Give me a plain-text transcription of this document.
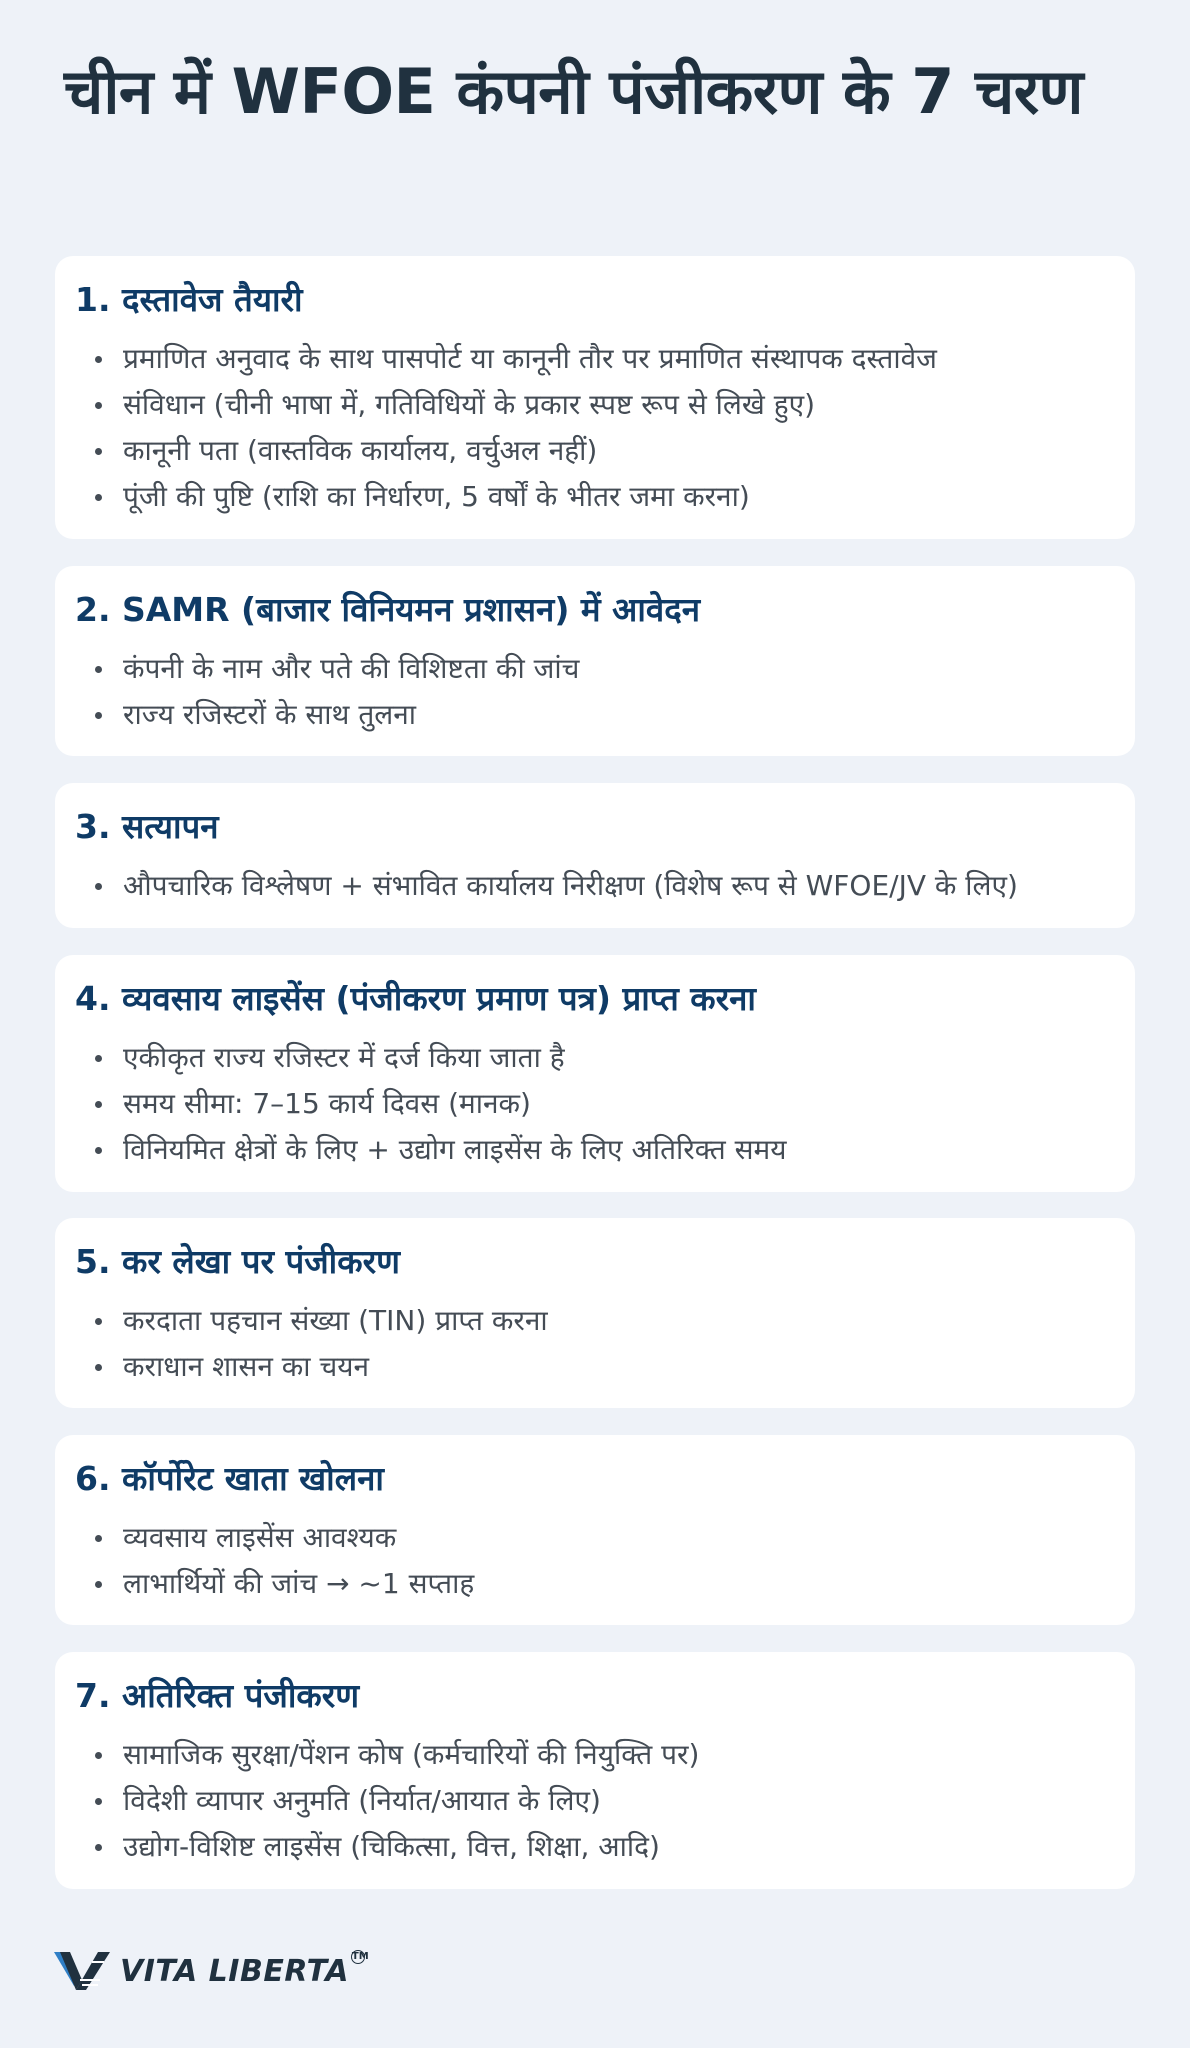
चीन में WFOE कंपनी पंजीकरण के 7 चरण
1. दस्तावेज तैयारी
प्रमाणित अनुवाद के साथ पासपोर्ट या कानूनी तौर पर प्रमाणित संस्थापक दस्तावेज
संविधान (चीनी भाषा में, गतिविधियों के प्रकार स्पष्ट रूप से लिखे हुए)
कानूनी पता (वास्तविक कार्यालय, वर्चुअल नहीं)
पूंजी की पुष्टि (राशि का निर्धारण, 5 वर्षों के भीतर जमा करना)
2. SAMR (बाजार विनियमन प्रशासन) में आवेदन
कंपनी के नाम और पते की विशिष्टता की जांच
राज्य रजिस्टरों के साथ तुलना
3. सत्यापन
औपचारिक विश्लेषण + संभावित कार्यालय निरीक्षण (विशेष रूप से WFOE/JV के लिए)
4. व्यवसाय लाइसेंस (पंजीकरण प्रमाण पत्र) प्राप्त करना
एकीकृत राज्य रजिस्टर में दर्ज किया जाता है
समय सीमा: 7–15 कार्य दिवस (मानक)
विनियमित क्षेत्रों के लिए + उद्योग लाइसेंस के लिए अतिरिक्त समय
5. कर लेखा पर पंजीकरण
करदाता पहचान संख्या (TIN) प्राप्त करना
कराधान शासन का चयन
6. कॉर्पोरेट खाता खोलना
व्यवसाय लाइसेंस आवश्यक
लाभार्थियों की जांच → ~1 सप्ताह
7. अतिरिक्त पंजीकरण
सामाजिक सुरक्षा/पेंशन कोष (कर्मचारियों की नियुक्ति पर)
विदेशी व्यापार अनुमति (निर्यात/आयात के लिए)
उद्योग-विशिष्ट लाइसेंस (चिकित्सा, वित्त, शिक्षा, आदि)
VITA LIBERTA TM
